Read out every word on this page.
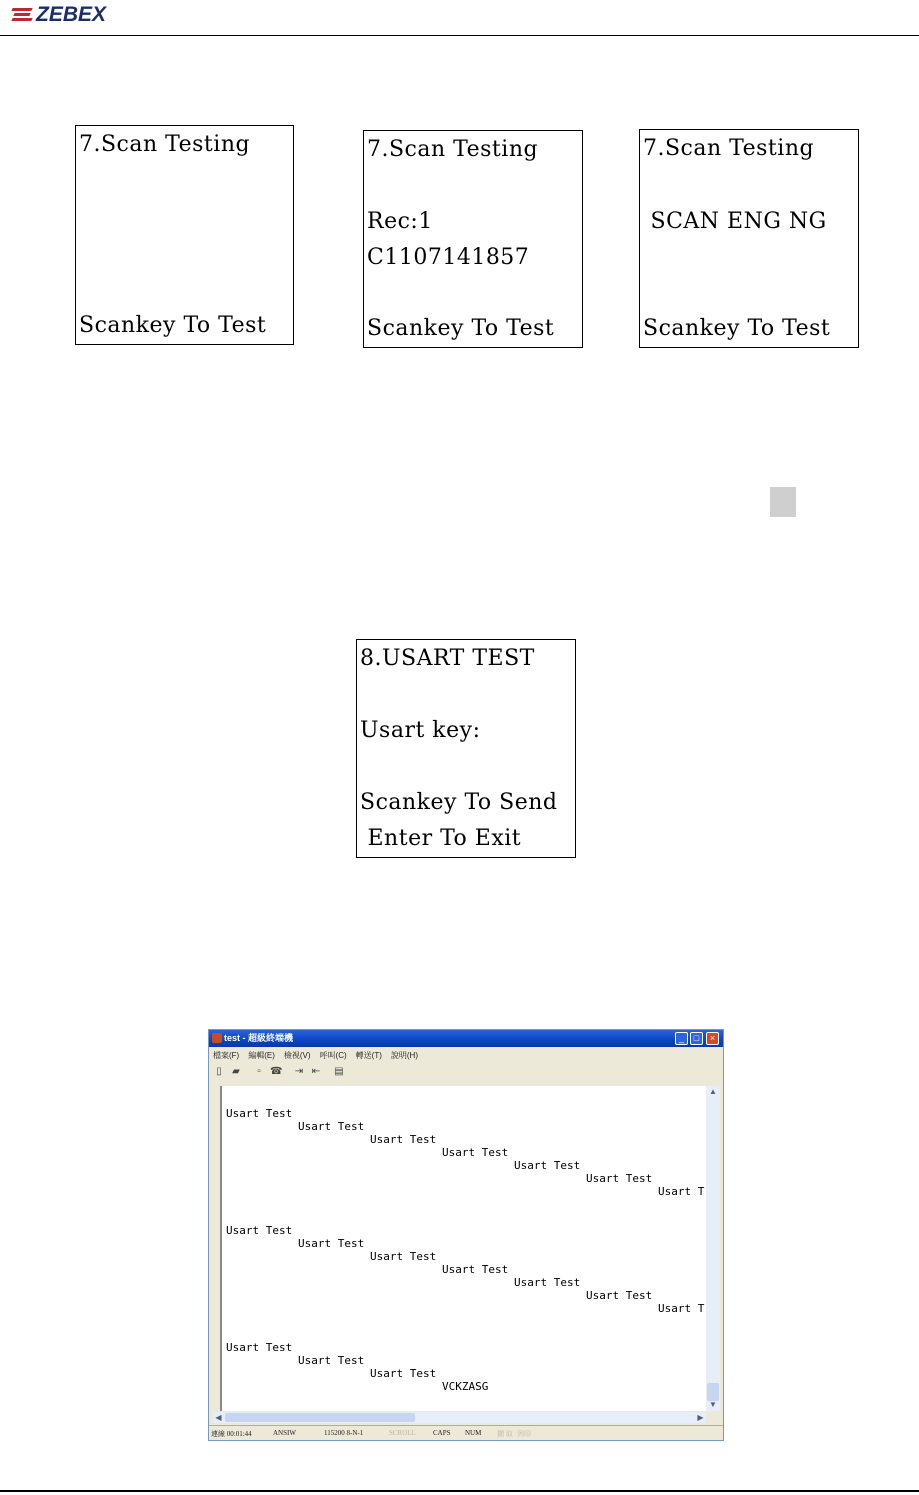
ZEBEX
7.Scan Testing
Scankey To Test
7.Scan Testing
Rec:1
C1107141857
Scankey To Test
7.Scan Testing
SCAN ENG NG
Scankey To Test
8.USART TEST
Usart key:
Scankey To Send
Enter To Exit
test - 超級終端機	_	□	×
檔案(F) 編輯(E) 檢視(V) 呼叫(C) 轉送(T) 說明(H)
▯	▰	▫ ☎ ⇥ ⇤ ▤
Usart Test
Usart Test
Usart Test
Usart Test
Usart Test
Usart Test
Usart T
Usart Test
Usart Test
Usart Test
Usart Test
Usart Test
Usart Test
Usart T
Usart Test
Usart Test
Usart Test
VCKZASG
▲
▼
◀	▶
連線 00:01:44	ANSIW	115200 8-N-1	SCROLL CAPS NUM 擷 取 列印
